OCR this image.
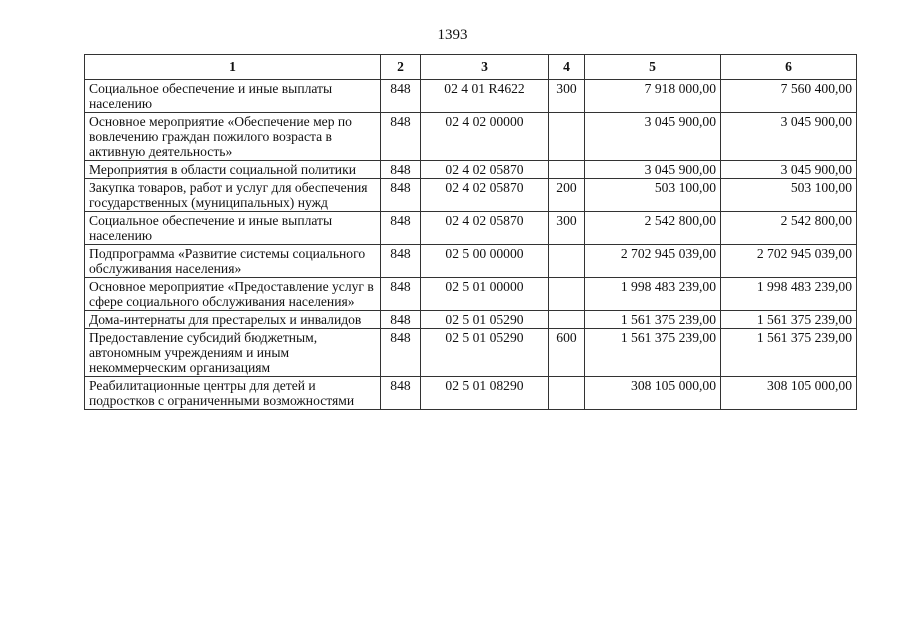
1393
1	2	3	4	5	6
Социальное обеспечение и иные выплаты населению	848	02 4 01 R4622	300	7 918 000,00	7 560 400,00
Основное мероприятие «Обеспечение мер по вовлечению граждан пожилого возраста в активную деятельность»	848	02 4 02 00000		3 045 900,00	3 045 900,00
Мероприятия в области социальной политики	848	02 4 02 05870		3 045 900,00	3 045 900,00
Закупка товаров, работ и услуг для обеспечения государственных (муниципальных) нужд	848	02 4 02 05870	200	503 100,00	503 100,00
Социальное обеспечение и иные выплаты населению	848	02 4 02 05870	300	2 542 800,00	2 542 800,00
Подпрограмма «Развитие системы социального обслуживания населения»	848	02 5 00 00000		2 702 945 039,00	2 702 945 039,00
Основное мероприятие «Предоставление услуг в сфере социального обслуживания населения»	848	02 5 01 00000		1 998 483 239,00	1 998 483 239,00
Дома-интернаты для престарелых и инвалидов	848	02 5 01 05290		1 561 375 239,00	1 561 375 239,00
Предоставление субсидий бюджетным, автономным учреждениям и иным некоммерческим организациям	848	02 5 01 05290	600	1 561 375 239,00	1 561 375 239,00
Реабилитационные центры для детей и подростков с ограниченными возможностями	848	02 5 01 08290		308 105 000,00	308 105 000,00
